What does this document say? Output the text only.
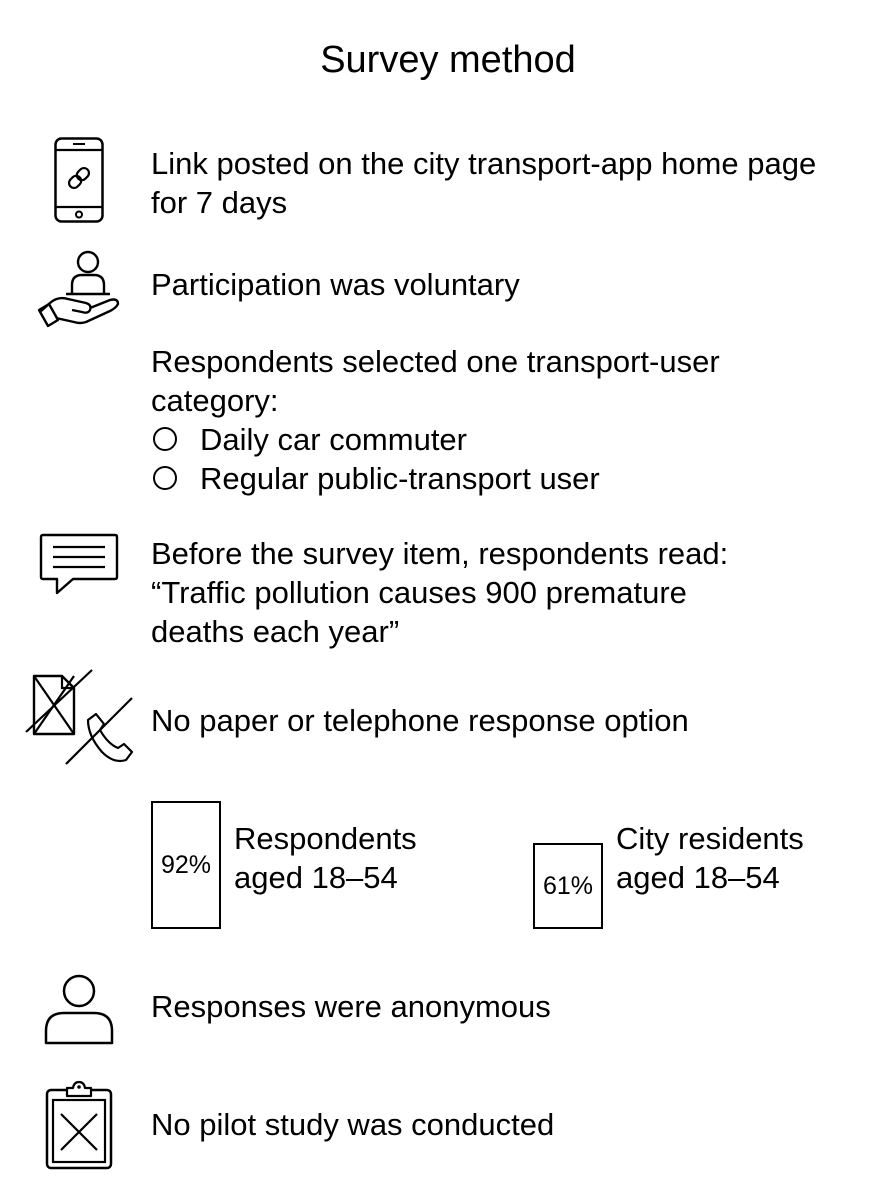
Survey method
Link posted on the city transport-app home page
for 7 days
Participation was voluntary
Respondents selected one transport-user
category:
Daily car commuter
Regular public-transport user
Before the survey item, respondents read:
“Traffic pollution causes 900 premature
deaths each year”
No paper or telephone response option
92%
Respondents
aged 18–54	61%
City residents
aged 18–54
Responses were anonymous
No pilot study was conducted
